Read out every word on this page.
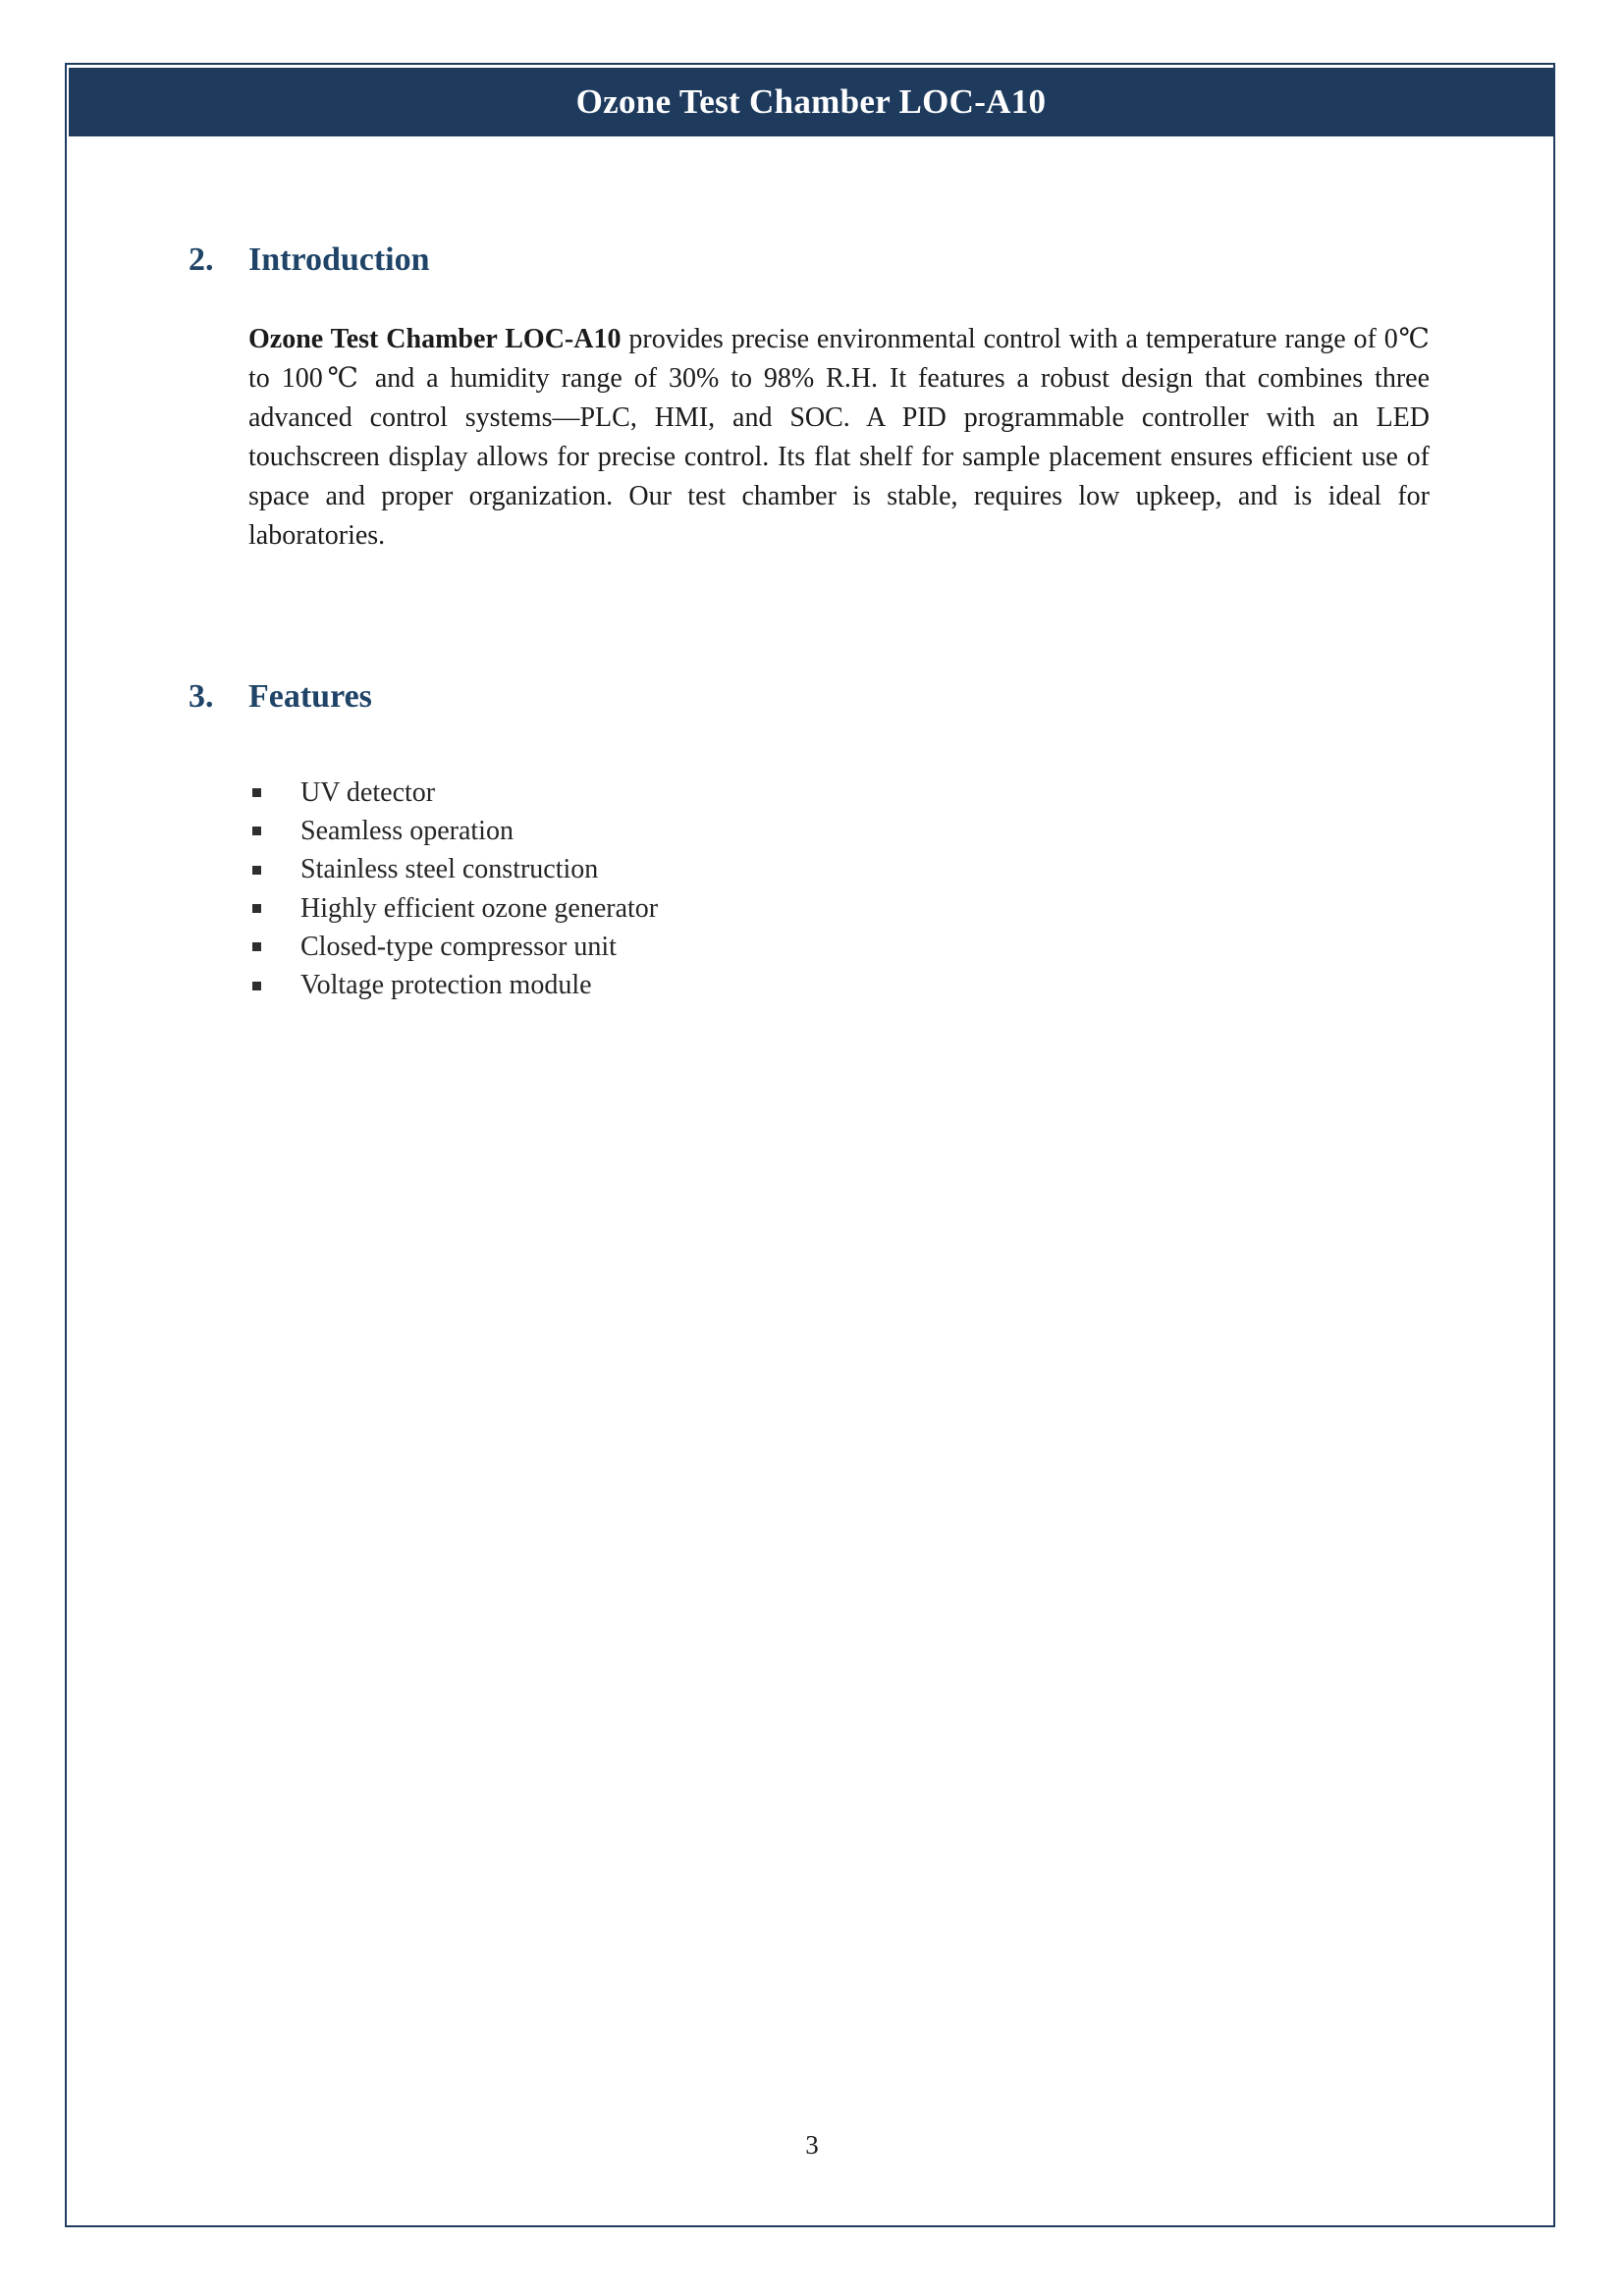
Ozone Test Chamber LOC-A10
2.	Introduction

Ozone Test Chamber LOC-A10 provides precise environmental control with a temperature range of 0℃ to 100℃ and a humidity range of 30% to 98% R.H. It features a robust design that combines three advanced control systems—PLC, HMI, and SOC. A PID programmable controller with an LED touchscreen display allows for precise control. Its flat shelf for sample placement ensures efficient use of space and proper organization. Our test chamber is stable, requires low upkeep, and is ideal for laboratories.

3.	Features
UV detector
Seamless operation
Stainless steel construction
Highly efficient ozone generator
Closed-type compressor unit
Voltage protection module
3
